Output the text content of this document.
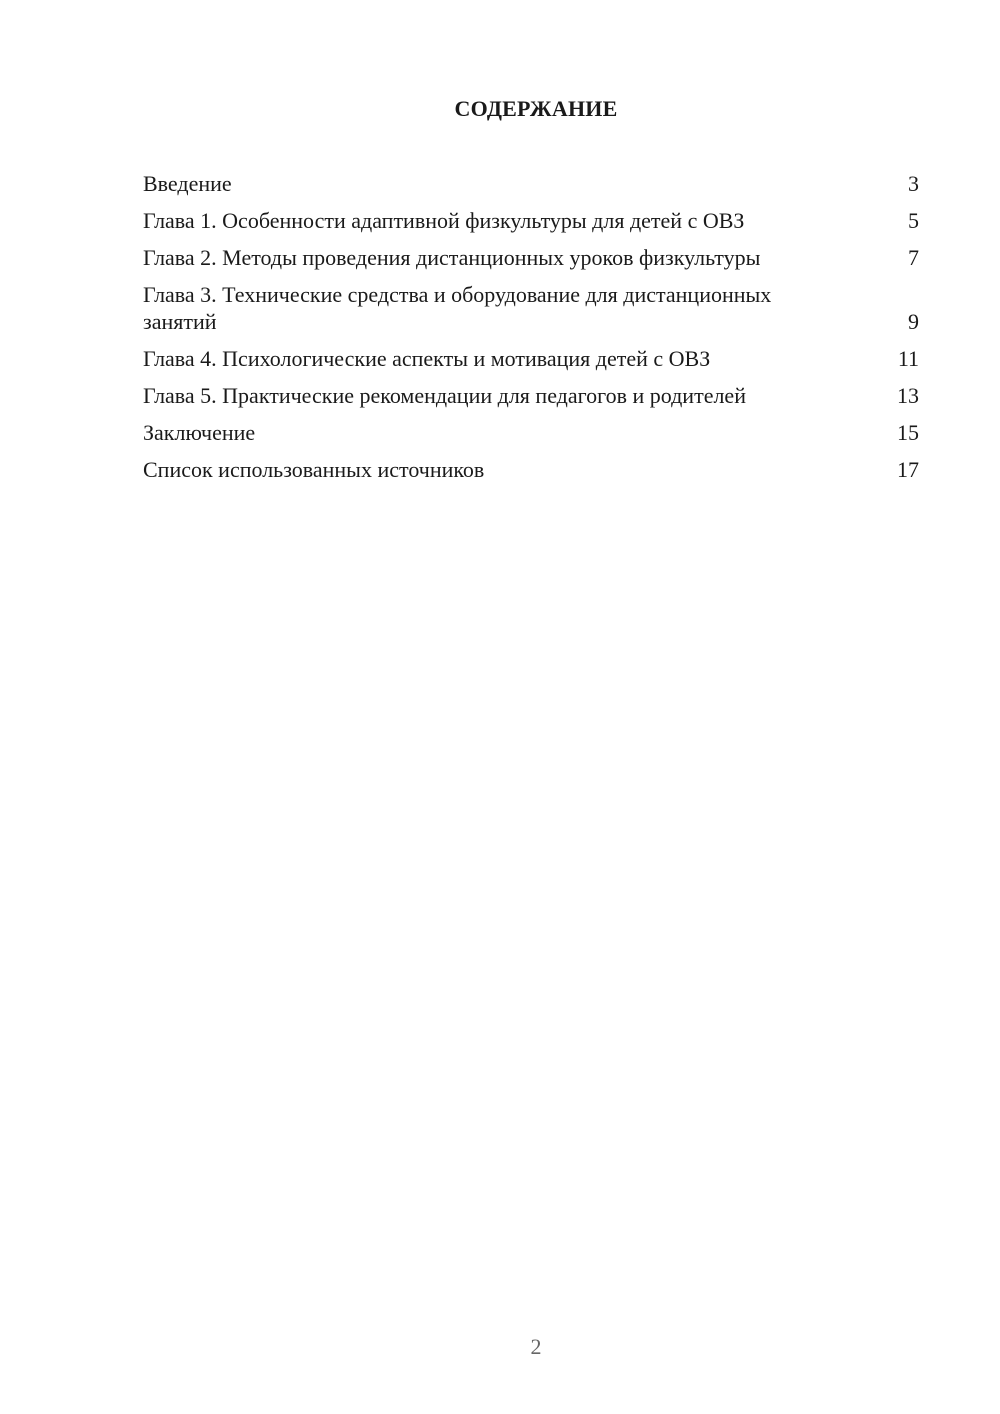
СОДЕРЖАНИЕ
Введение	3
Глава 1. Особенности адаптивной физкультуры для детей с ОВЗ	5
Глава 2. Методы проведения дистанционных уроков физкультуры	7
Глава 3. Технические средства и оборудование для дистанционных занятий	9
Глава 4. Психологические аспекты и мотивация детей с ОВЗ	11
Глава 5. Практические рекомендации для педагогов и родителей	13
Заключение	15
Список использованных источников	17
2
